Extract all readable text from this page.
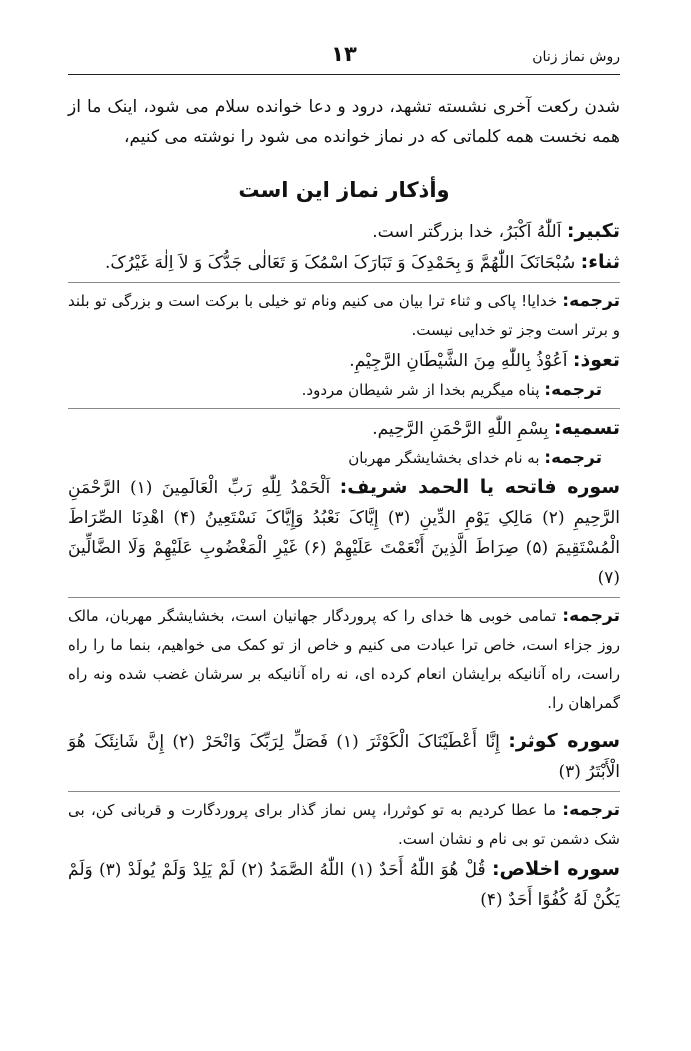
روش نماز زنان
۱۳

شدن رکعت آخری نشسته تشهد، درود و دعا خوانده سلام می شود، اینک ما از همه نخست همه کلماتی که در نماز خوانده می شود را نوشته می کنیم،

وأذکار نماز این است

تکبیر: اَللّٰهُ اَکْبَرُ، خدا بزرگتر است.

ثناء: سُبْحَانَکَ اللّٰهُمَّ وَ بِحَمْدِکَ وَ تَبَارَکَ اسْمُکَ وَ تَعَالٰی جَدُّکَ وَ لاَ اِلٰهَ غَیْرُکَ.

ترجمه: خدایا! پاکی و ثناء ترا بیان می کنیم ونام تو خیلی با برکت است و بزرگی تو بلند و برتر است وجز تو خدایی نیست.

تعوذ: اَعُوْذُ بِاللّٰهِ مِنَ الشَّیْطَانِ الرَّجِیْمِ.

ترجمه: پناه میگریم بخدا از شر شیطان مردود.

تسمیه: بِسْمِ اللّٰهِ الرَّحْمَنِ الرَّحِیم.

ترجمه: به نام خدای بخشایشگر مهربان

سوره فاتحه یا الحمد شریف: اَلْحَمْدُ لِلّٰهِ رَبِّ الْعَالَمِینَ (۱) الرَّحْمَنِ الرَّحِیمِ (۲) مَالِکِ یَوْمِ الدِّینِ (۳) إِیَّاکَ نَعْبُدُ وَإِیَّاکَ نَسْتَعِینُ (۴) اهْدِنَا الصِّرَاطَ الْمُسْتَقِیمَ (۵) صِرَاطَ الَّذِینَ أَنْعَمْتَ عَلَیْهِمْ (۶) غَیْرِ الْمَغْضُوبِ عَلَیْهِمْ وَلَا الضَّالِّینَ (۷)

ترجمه: تمامی خوبی ها خدای را که پروردگار جهانیان است، بخشایشگر مهربان، مالک روز جزاء است، خاص ترا عبادت می کنیم و خاص از تو کمک می خواهیم، بنما ما را راه راست، راه آنانیکه برایشان انعام کرده ای، نه راه آنانیکه بر سرشان غضب شده ونه راه گمراهان را.

سوره کوثر: إِنَّا أَعْطَیْنَاکَ الْکَوْثَرَ (۱) فَصَلِّ لِرَبِّکَ وَانْحَرْ (۲) إِنَّ شَانِئَکَ هُوَ الْأَبْتَرُ (۳)

ترجمه: ما عطا کردیم به تو کوثررا، پس نماز گذار برای پروردگارت و قربانی کن، بی شک دشمن تو بی نام و نشان است.

سوره اخلاص: قُلْ هُوَ اللّٰهُ أَحَدٌ (۱) اللّٰهُ الصَّمَدُ (۲) لَمْ یَلِدْ وَلَمْ یُولَدْ (۳) وَلَمْ یَکُنْ لَهُ کُفُوًا أَحَدٌ (۴)
